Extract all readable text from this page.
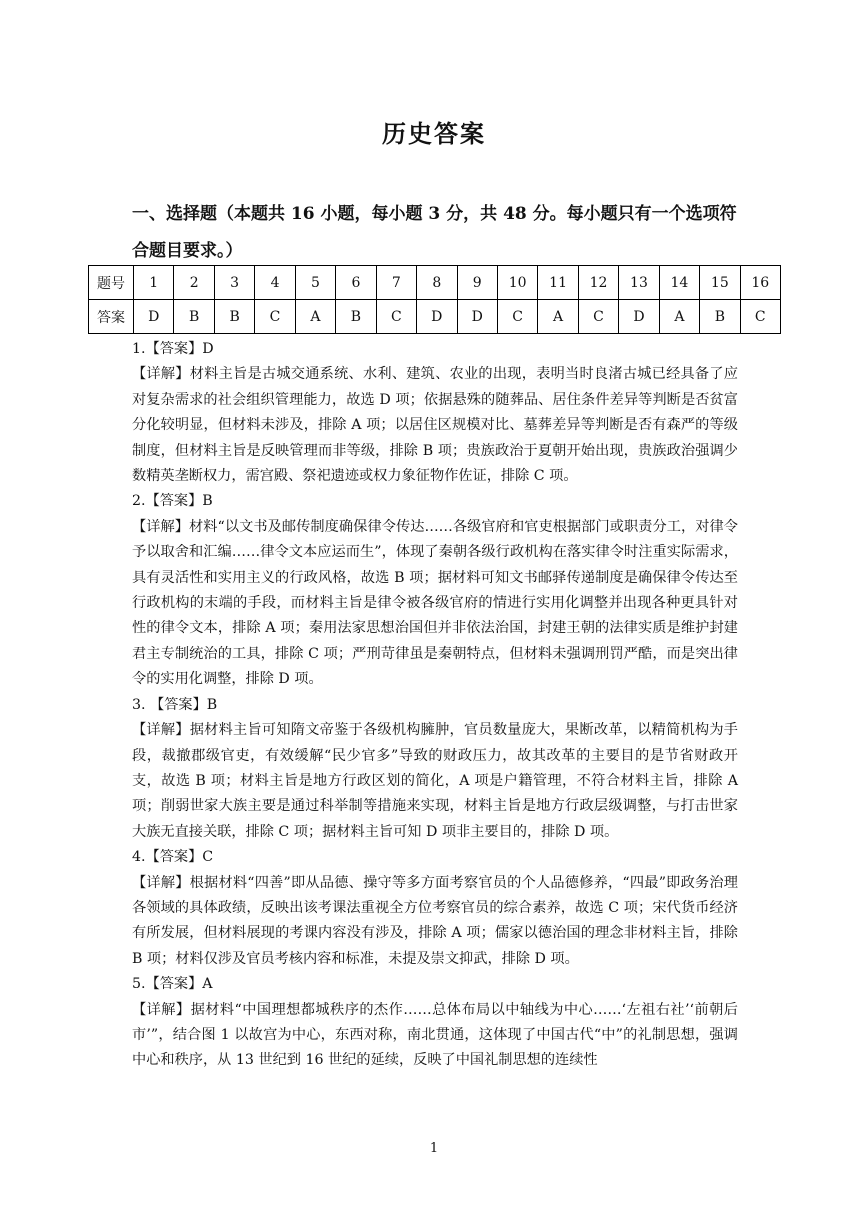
历史答案
一、选择题（本题共 16 小题，每小题 3 分，共 48 分。每小题只有一个选项符合题目要求。）
题号	1	2	3	4	5	6	7	8	9	10	11	12	13	14	15	16
答案	D	B	B	C	A	B	C	D	D	C	A	C	D	A	B	C

1.【答案】D

【详解】材料主旨是古城交通系统、水利、建筑、农业的出现，表明当时良渚古城已经具备了应对复杂需求的社会组织管理能力，故选 D 项；依据悬殊的随葬品、居住条件差异等判断是否贫富分化较明显，但材料未涉及，排除 A 项；以居住区规模对比、墓葬差异等判断是否有森严的等级制度，但材料主旨是反映管理而非等级，排除 B 项；贵族政治于夏朝开始出现，贵族政治强调少数精英垄断权力，需宫殿、祭祀遗迹或权力象征物作佐证，排除 C 项。

2.【答案】B

【详解】材料“以文书及邮传制度确保律令传达……各级官府和官吏根据部门或职责分工，对律令予以取舍和汇编……律令文本应运而生”，体现了秦朝各级行政机构在落实律令时注重实际需求，具有灵活性和实用主义的行政风格，故选 B 项；据材料可知文书邮驿传递制度是确保律令传达至行政机构的末端的手段，而材料主旨是律令被各级官府的情进行实用化调整并出现各种更具针对性的律令文本，排除 A 项；秦用法家思想治国但并非依法治国，封建王朝的法律实质是维护封建君主专制统治的工具，排除 C 项；严刑苛律虽是秦朝特点，但材料未强调刑罚严酷，而是突出律令的实用化调整，排除 D 项。

3. 【答案】B

【详解】据材料主旨可知隋文帝鉴于各级机构臃肿，官员数量庞大，果断改革，以精简机构为手段，裁撤郡级官吏，有效缓解“民少官多”导致的财政压力，故其改革的主要目的是节省财政开支，故选 B 项；材料主旨是地方行政区划的简化，A 项是户籍管理，不符合材料主旨，排除 A 项；削弱世家大族主要是通过科举制等措施来实现，材料主旨是地方行政层级调整，与打击世家大族无直接关联，排除 C 项；据材料主旨可知 D 项非主要目的，排除 D 项。

4.【答案】C

【详解】根据材料“四善”即从品德、操守等多方面考察官员的个人品德修养，“四最”即政务治理各领域的具体政绩，反映出该考课法重视全方位考察官员的综合素养，故选 C 项；宋代货币经济有所发展，但材料展现的考课内容没有涉及，排除 A 项；儒家以德治国的理念非材料主旨，排除 B 项；材料仅涉及官员考核内容和标准，未提及崇文抑武，排除 D 项。

5.【答案】A

【详解】据材料“中国理想都城秩序的杰作……总体布局以中轴线为中心……‘左祖右社’‘前朝后市’”，结合图 1 以故宫为中心，东西对称，南北贯通，这体现了中国古代“中”的礼制思想，强调中心和秩序，从 13 世纪到 16 世纪的延续，反映了中国礼制思想的连续性

1
